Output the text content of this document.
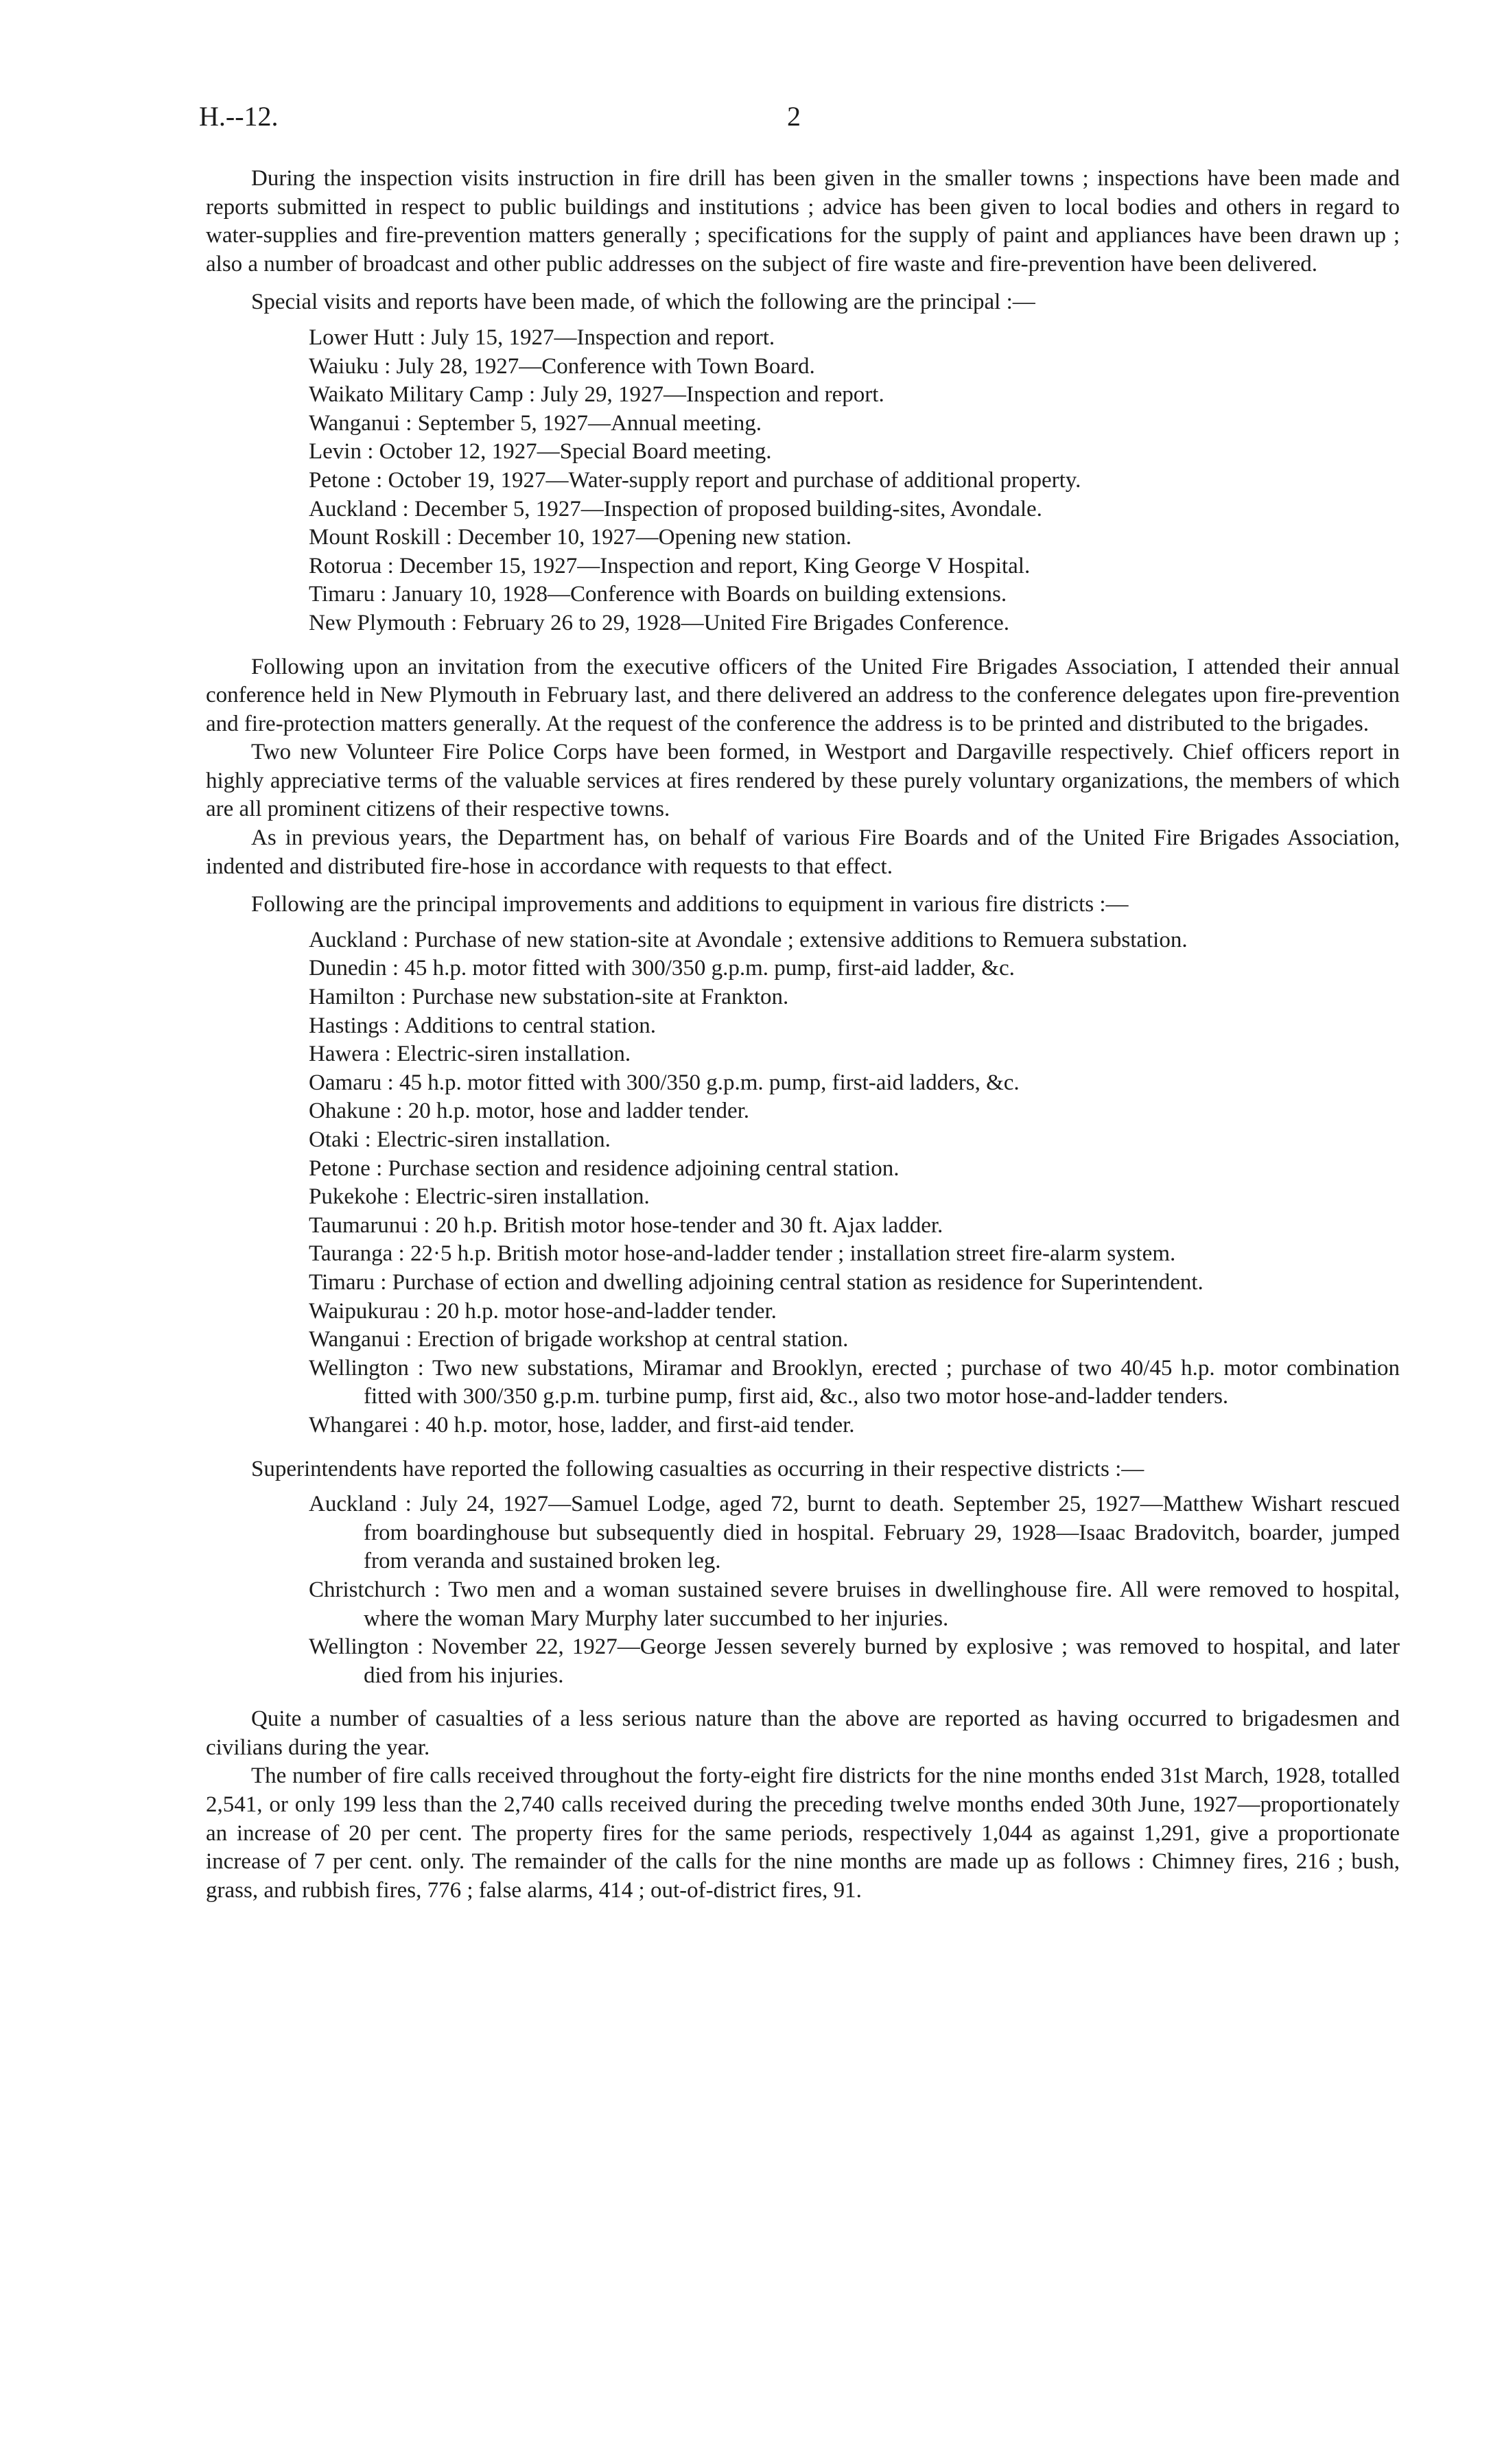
H.--12.	2

During the inspection visits instruction in fire drill has been given in the smaller towns ; inspections have been made and reports submitted in respect to public buildings and institutions ; advice has been given to local bodies and others in regard to water-supplies and fire-prevention matters generally ; specifications for the supply of paint and appliances have been drawn up ; also a number of broadcast and other public addresses on the subject of fire waste and fire-prevention have been delivered.

Special visits and reports have been made, of which the following are the principal :—

Lower Hutt : July 15, 1927—Inspection and report.
Waiuku : July 28, 1927—Conference with Town Board.
Waikato Military Camp : July 29, 1927—Inspection and report.
Wanganui : September 5, 1927—Annual meeting.
Levin : October 12, 1927—Special Board meeting.
Petone : October 19, 1927—Water-supply report and purchase of additional property.
Auckland : December 5, 1927—Inspection of proposed building-sites, Avondale.
Mount Roskill : December 10, 1927—Opening new station.
Rotorua : December 15, 1927—Inspection and report, King George V Hospital.
Timaru : January 10, 1928—Conference with Boards on building extensions.
New Plymouth : February 26 to 29, 1928—United Fire Brigades Conference.

Following upon an invitation from the executive officers of the United Fire Brigades Association, I attended their annual conference held in New Plymouth in February last, and there delivered an address to the conference delegates upon fire-prevention and fire-protection matters generally. At the request of the conference the address is to be printed and distributed to the brigades.

Two new Volunteer Fire Police Corps have been formed, in Westport and Dargaville respectively. Chief officers report in highly appreciative terms of the valuable services at fires rendered by these purely voluntary organizations, the members of which are all prominent citizens of their respective towns.

As in previous years, the Department has, on behalf of various Fire Boards and of the United Fire Brigades Association, indented and distributed fire-hose in accordance with requests to that effect.

Following are the principal improvements and additions to equipment in various fire districts :—

Auckland : Purchase of new station-site at Avondale ; extensive additions to Remuera substation.
Dunedin : 45 h.p. motor fitted with 300/350 g.p.m. pump, first-aid ladder, &c.
Hamilton : Purchase new substation-site at Frankton.
Hastings : Additions to central station.
Hawera : Electric-siren installation.
Oamaru : 45 h.p. motor fitted with 300/350 g.p.m. pump, first-aid ladders, &c.
Ohakune : 20 h.p. motor, hose and ladder tender.
Otaki : Electric-siren installation.
Petone : Purchase section and residence adjoining central station.
Pukekohe : Electric-siren installation.
Taumarunui : 20 h.p. British motor hose-tender and 30 ft. Ajax ladder.
Tauranga : 22·5 h.p. British motor hose-and-ladder tender ; installation street fire-alarm system.
Timaru : Purchase of ection and dwelling adjoining central station as residence for Superintendent.
Waipukurau : 20 h.p. motor hose-and-ladder tender.
Wanganui : Erection of brigade workshop at central station.
Wellington : Two new substations, Miramar and Brooklyn, erected ; purchase of two 40/45 h.p. motor combination fitted with 300/350 g.p.m. turbine pump, first aid, &c., also two motor hose-and-ladder tenders.
Whangarei : 40 h.p. motor, hose, ladder, and first-aid tender.

Superintendents have reported the following casualties as occurring in their respective districts :—

Auckland : July 24, 1927—Samuel Lodge, aged 72, burnt to death. September 25, 1927—Matthew Wishart rescued from boardinghouse but subsequently died in hospital. February 29, 1928—Isaac Bradovitch, boarder, jumped from veranda and sustained broken leg.
Christchurch : Two men and a woman sustained severe bruises in dwellinghouse fire. All were removed to hospital, where the woman Mary Murphy later succumbed to her injuries.
Wellington : November 22, 1927—George Jessen severely burned by explosive ; was removed to hospital, and later died from his injuries.

Quite a number of casualties of a less serious nature than the above are reported as having occurred to brigadesmen and civilians during the year.

The number of fire calls received throughout the forty-eight fire districts for the nine months ended 31st March, 1928, totalled 2,541, or only 199 less than the 2,740 calls received during the preceding twelve months ended 30th June, 1927—proportionately an increase of 20 per cent. The property fires for the same periods, respectively 1,044 as against 1,291, give a proportionate increase of 7 per cent. only. The remainder of the calls for the nine months are made up as follows : Chimney fires, 216 ; bush, grass, and rubbish fires, 776 ; false alarms, 414 ; out-of-district fires, 91.
